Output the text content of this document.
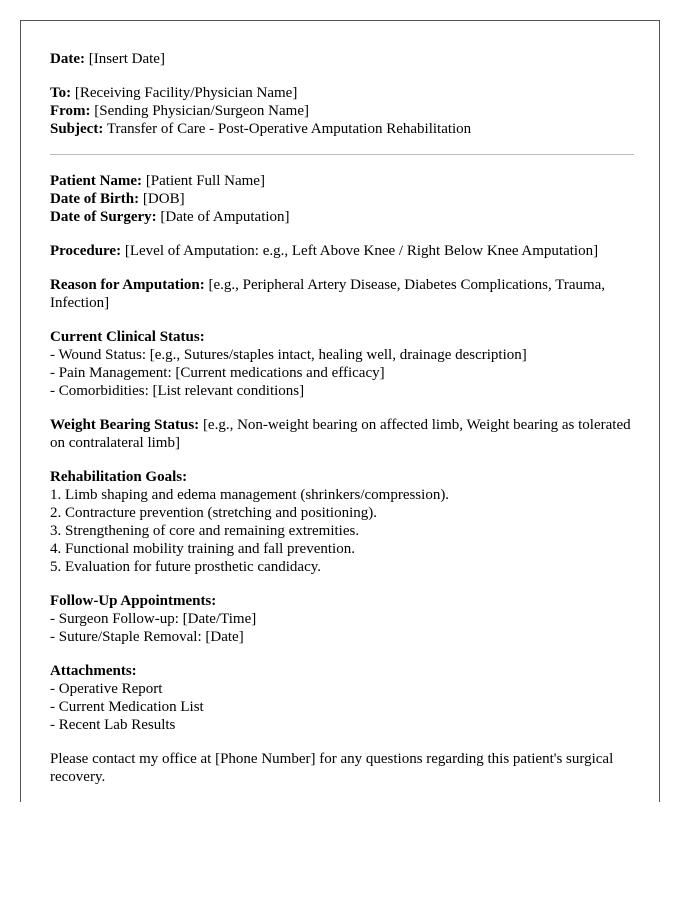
Date: [Insert Date]
To: [Receiving Facility/Physician Name]
From: [Sending Physician/Surgeon Name]
Subject: Transfer of Care - Post-Operative Amputation Rehabilitation
Patient Name: [Patient Full Name]
Date of Birth: [DOB]
Date of Surgery: [Date of Amputation]
Procedure: [Level of Amputation: e.g., Left Above Knee / Right Below Knee Amputation]
Reason for Amputation: [e.g., Peripheral Artery Disease, Diabetes Complications, Trauma, Infection]
Current Clinical Status:
- Wound Status: [e.g., Sutures/staples intact, healing well, drainage description]
- Pain Management: [Current medications and efficacy]
- Comorbidities: [List relevant conditions]
Weight Bearing Status: [e.g., Non-weight bearing on affected limb, Weight bearing as tolerated on contralateral limb]
Rehabilitation Goals:
1. Limb shaping and edema management (shrinkers/compression).
2. Contracture prevention (stretching and positioning).
3. Strengthening of core and remaining extremities.
4. Functional mobility training and fall prevention.
5. Evaluation for future prosthetic candidacy.
Follow-Up Appointments:
- Surgeon Follow-up: [Date/Time]
- Suture/Staple Removal: [Date]
Attachments:
- Operative Report
- Current Medication List
- Recent Lab Results
Please contact my office at [Phone Number] for any questions regarding this patient's surgical recovery.
